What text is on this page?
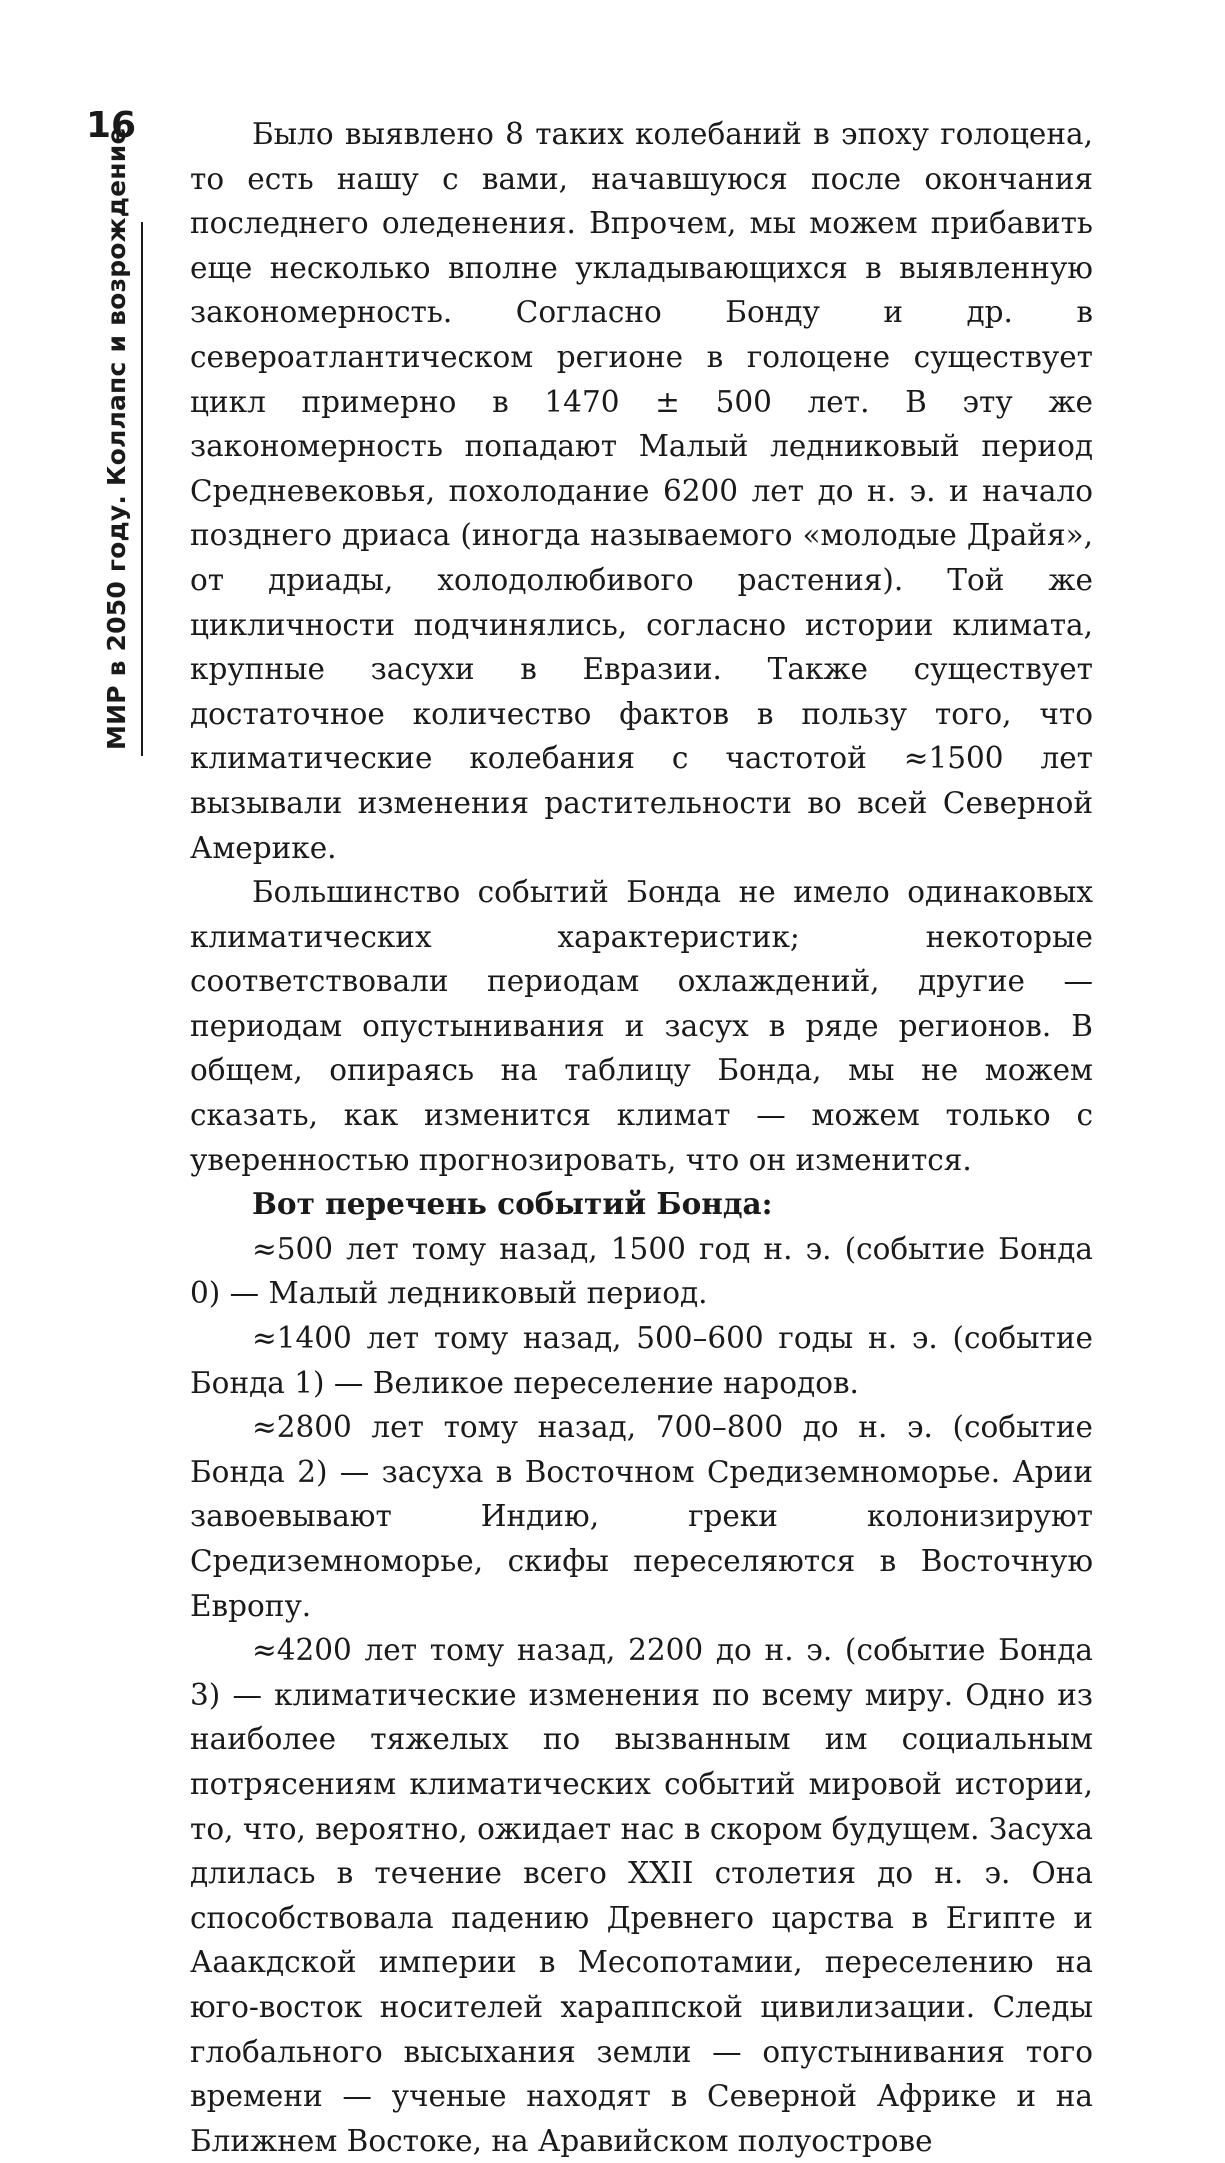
16
МИР в 2050 году. Коллапс и возрождение	Было выявлено 8 таких колебаний в эпоху голоцена, то есть нашу с вами, начавшуюся после окончания последнего оледенения. Впрочем, мы можем прибавить еще несколько вполне укладывающихся в выявленную закономерность. Согласно Бонду и др. в североатлантическом регионе в голоцене существует цикл примерно в 1470 ± 500 лет. В эту же закономерность попадают Малый ледниковый период Средневековья, похолодание 6200 лет до н. э. и начало позднего дриаса (иногда называемого «молодые Драйя», от дриады, холодолюбивого растения). Той же цикличности подчинялись, согласно истории климата, крупные засухи в Евразии. Также существует достаточное количество фактов в пользу того, что климатические колебания с частотой ≈1500 лет вызывали изменения растительности во всей Северной Америке.

Большинство событий Бонда не имело одинаковых климатических характеристик; некоторые соответствовали периодам охлаждений, другие — периодам опустынивания и засух в ряде регионов. В общем, опираясь на таблицу Бонда, мы не можем сказать, как изменится климат — можем только с уверенностью прогнозировать, что он изменится.

Вот перечень событий Бонда:

≈500 лет тому назад, 1500 год н. э. (событие Бонда 0) — Малый ледниковый период.

≈1400 лет тому назад, 500–600 годы н. э. (событие Бонда 1) — Великое переселение народов.

≈2800 лет тому назад, 700–800 до н. э. (событие Бонда 2) — засуха в Восточном Средиземноморье. Арии завоевывают Индию, греки колонизируют Средиземноморье, скифы переселяются в Восточную Европу.

≈4200 лет тому назад, 2200 до н. э. (событие Бонда 3) — климатические изменения по всему миру. Одно из наиболее тяжелых по вызванным им социальным потрясениям климатических событий мировой истории, то, что, вероятно, ожидает нас в скором будущем. Засуха длилась в течение всего XXII столетия до н. э. Она способствовала падению Древнего царства в Египте и Аaaкдской империи в Месопотамии, переселению на юго-восток носителей хараппской цивилизации. Следы глобального высыхания земли — опустынивания того времени — ученые находят в Северной Африке и на Ближнем Востоке, на Аравийском полуострове
